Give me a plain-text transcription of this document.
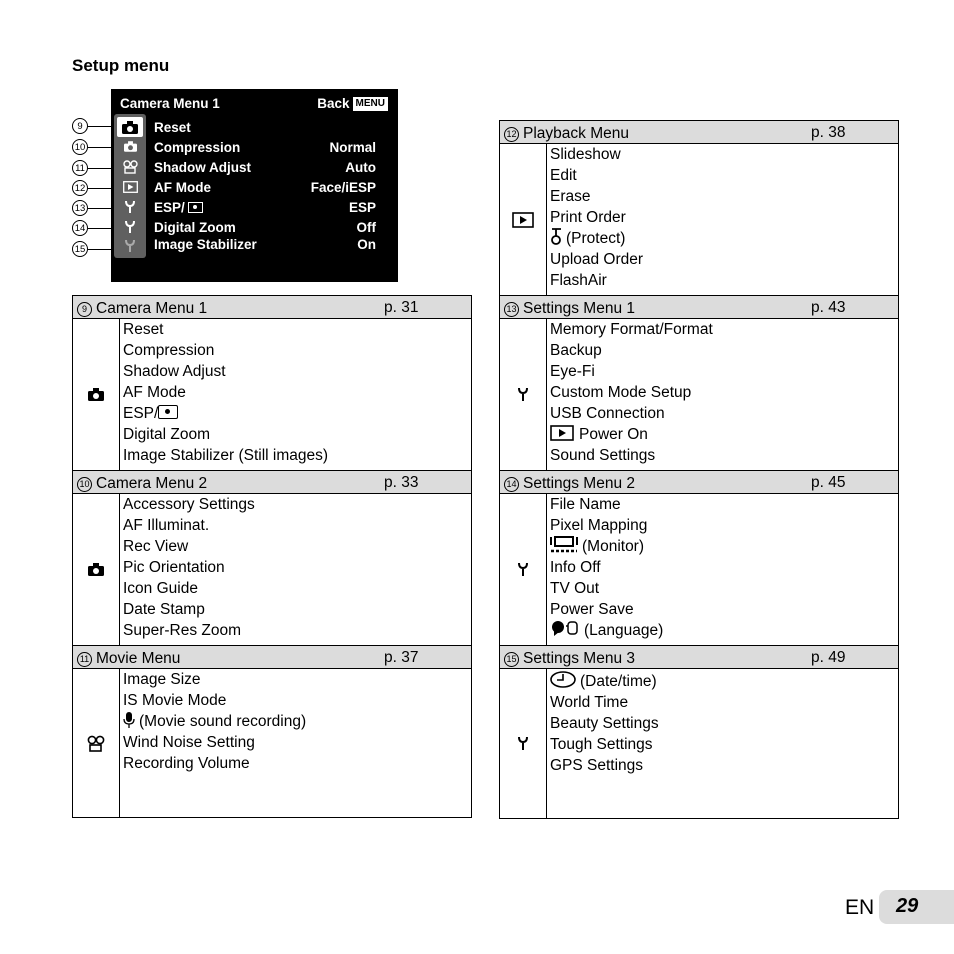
Setup menu
Camera Menu 1	Back MENU
Reset
Compression	Normal
Shadow Adjust	Auto
AF Mode	Face/iESP
ESP/	ESP
Digital Zoom	Off
Image Stabilizer	On
9
10
11
12
13
14
15
9 Camera Menu 1	p. 31
Reset
Compression
Shadow Adjust
AF Mode
ESP/
Digital Zoom
Image Stabilizer (Still images)
10 Camera Menu 2	p. 33
Accessory Settings
AF Illuminat.
Rec View
Pic Orientation
Icon Guide
Date Stamp
Super-Res Zoom
11 Movie Menu	p. 37
Image Size
IS Movie Mode
(Movie sound recording)
Wind Noise Setting
Recording Volume
12 Playback Menu	p. 38
Slideshow
Edit
Erase
Print Order
(Protect)
Upload Order
FlashAir
13 Settings Menu 1	p. 43
Memory Format/Format
Backup
Eye-Fi
Custom Mode Setup
USB Connection
Power On
Sound Settings
14 Settings Menu 2	p. 45
File Name
Pixel Mapping
(Monitor)
Info Off
TV Out
Power Save
(Language)
15 Settings Menu 3	p. 49
(Date/time)
World Time
Beauty Settings
Tough Settings
GPS Settings
EN 29
